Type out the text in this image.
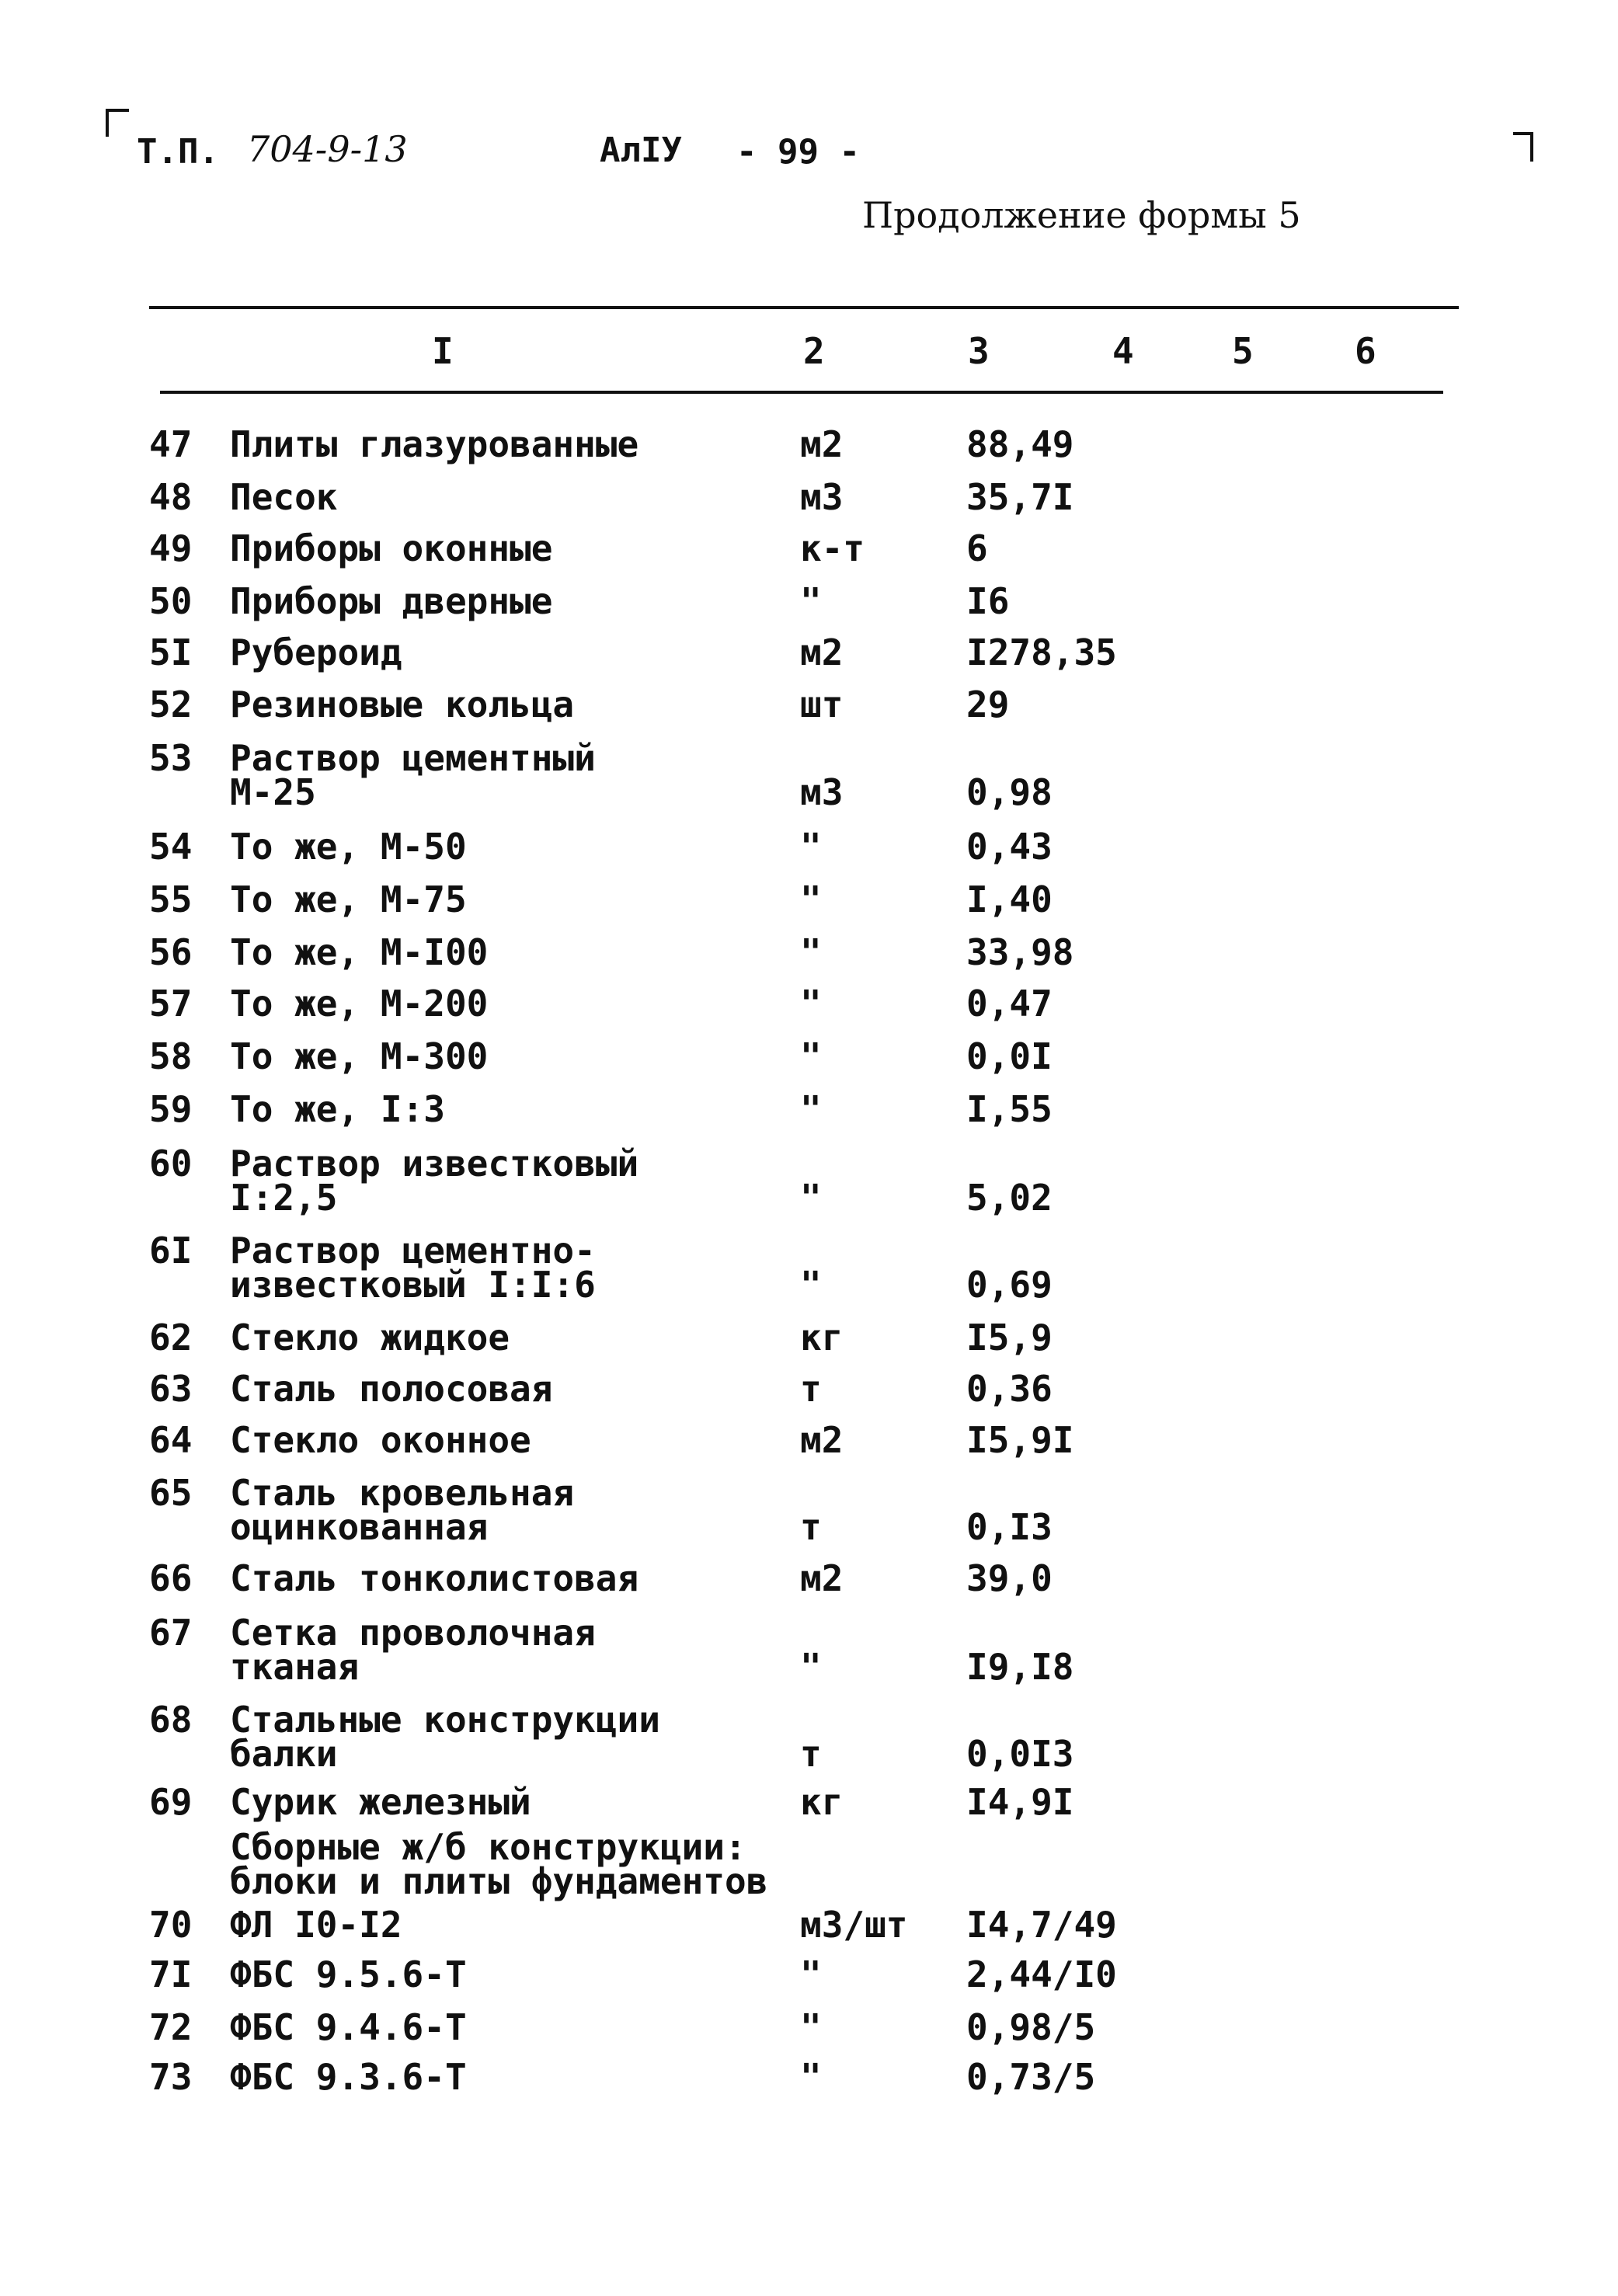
Т.П. 704-9-13	АлIУ - 99 -
Продолжение формы 5
I	2	3	4	5	6
47 Плиты глазурованные	м2	88,49
48 Песок	м3	35,7I
49 Приборы оконные	к-т	6
50 Приборы дверные	"	I6
5I Рубероид	м2	I278,35
52 Резиновые кольца	шт	29
53 Раствор цементный
М-25	м3	0,98
54 То же, М-50	"	0,43
55 То же, М-75	"	I,40
56 То же, М-I00	"	33,98
57 То же, М-200	"	0,47
58 То же, М-300	"	0,0I
59 То же, I:3	"	I,55
60 Раствор известковый
I:2,5	"	5,02
6I Раствор цементно-
известковый I:I:6	"	0,69
62 Стекло жидкое	кг	I5,9
63 Сталь полосовая	т	0,36
64 Стекло оконное	м2	I5,9I
65 Сталь кровельная
оцинкованная	т	0,I3
66 Сталь тонколистовая	м2	39,0
67 Сетка проволочная
тканая	"	I9,I8
68 Стальные конструкции
балки	т	0,0I3
69 Сурик железный	кг	I4,9I
Сборные ж/б конструкции:
блоки и плиты фундаментов
70 ФЛ I0-I2	м3/шт I4,7/49
7I ФБС 9.5.6-Т	"	2,44/I0
72 ФБС 9.4.6-Т	"	0,98/5
73 ФБС 9.3.6-Т	"	0,73/5
